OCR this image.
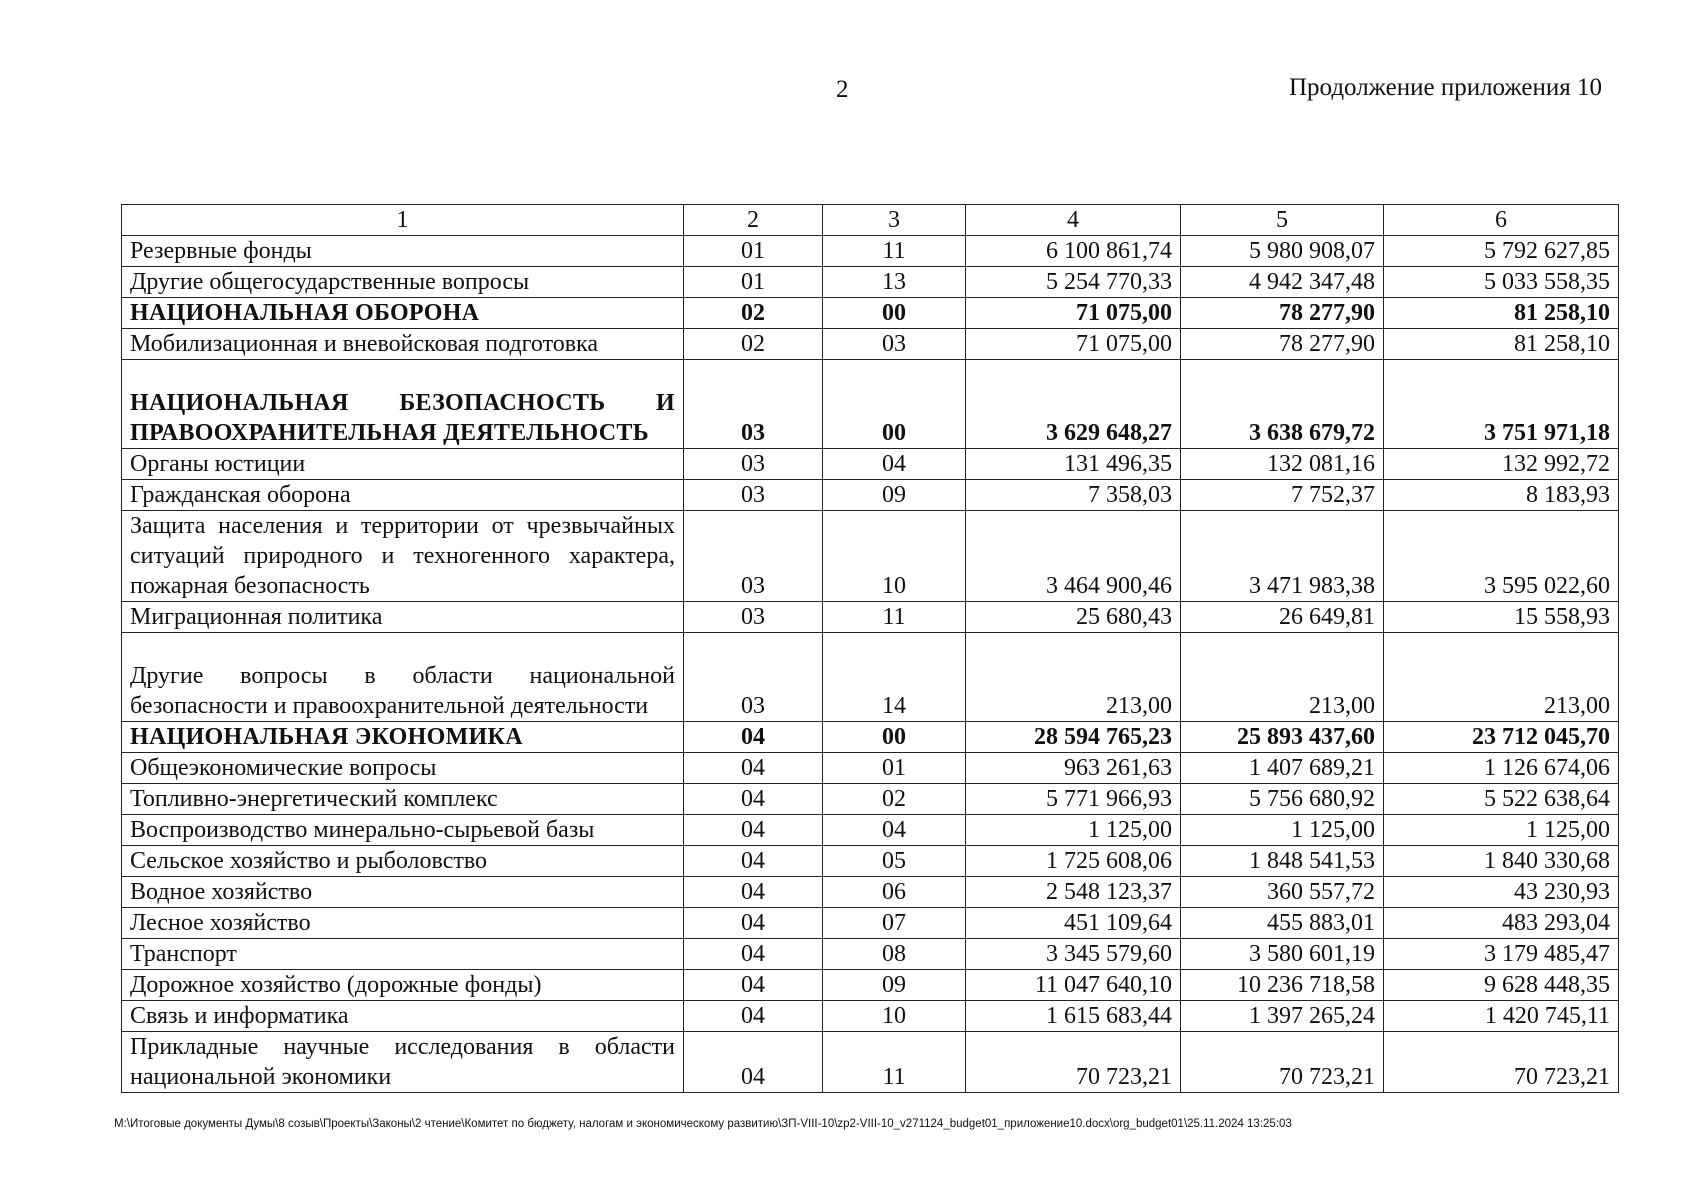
2	Продолжение приложения 10
1	2	3	4	5	6
Резервные фонды	01	11	6 100 861,74	5 980 908,07	5 792 627,85
Другие общегосударственные вопросы	01	13	5 254 770,33	4 942 347,48	5 033 558,35
НАЦИОНАЛЬНАЯ ОБОРОНА	02	00	71 075,00	78 277,90	81 258,10
Мобилизационная и вневойсковая подготовка	02	03	71 075,00	78 277,90	81 258,10
НАЦИОНАЛЬНАЯ БЕЗОПАСНОСТЬ И ПРАВООХРАНИТЕЛЬНАЯ ДЕЯТЕЛЬНОСТЬ	03	00	3 629 648,27	3 638 679,72	3 751 971,18
Органы юстиции	03	04	131 496,35	132 081,16	132 992,72
Гражданская оборона	03	09	7 358,03	7 752,37	8 183,93
Защита населения и территории от чрезвычайных ситуаций природного и техногенного характера, пожарная безопасность	03	10	3 464 900,46	3 471 983,38	3 595 022,60
Миграционная политика	03	11	25 680,43	26 649,81	15 558,93
Другие вопросы в области национальной безопасности и правоохранительной деятельности	03	14	213,00	213,00	213,00
НАЦИОНАЛЬНАЯ ЭКОНОМИКА	04	00	28 594 765,23	25 893 437,60	23 712 045,70
Общеэкономические вопросы	04	01	963 261,63	1 407 689,21	1 126 674,06
Топливно-энергетический комплекс	04	02	5 771 966,93	5 756 680,92	5 522 638,64
Воспроизводство минерально-сырьевой базы	04	04	1 125,00	1 125,00	1 125,00
Сельское хозяйство и рыболовство	04	05	1 725 608,06	1 848 541,53	1 840 330,68
Водное хозяйство	04	06	2 548 123,37	360 557,72	43 230,93
Лесное хозяйство	04	07	451 109,64	455 883,01	483 293,04
Транспорт	04	08	3 345 579,60	3 580 601,19	3 179 485,47
Дорожное хозяйство (дорожные фонды)	04	09	11 047 640,10	10 236 718,58	9 628 448,35
Связь и информатика	04	10	1 615 683,44	1 397 265,24	1 420 745,11
Прикладные научные исследования в области национальной экономики	04	11	70 723,21	70 723,21	70 723,21
М:\Итоговые документы Думы\8 созыв\Проекты\Законы\2 чтение\Комитет по бюджету, налогам и экономическому развитию\ЗП-VIII-10\zp2-VIII-10_v271124_budget01_приложение10.docx\org_budget01\25.11.2024 13:25:03
